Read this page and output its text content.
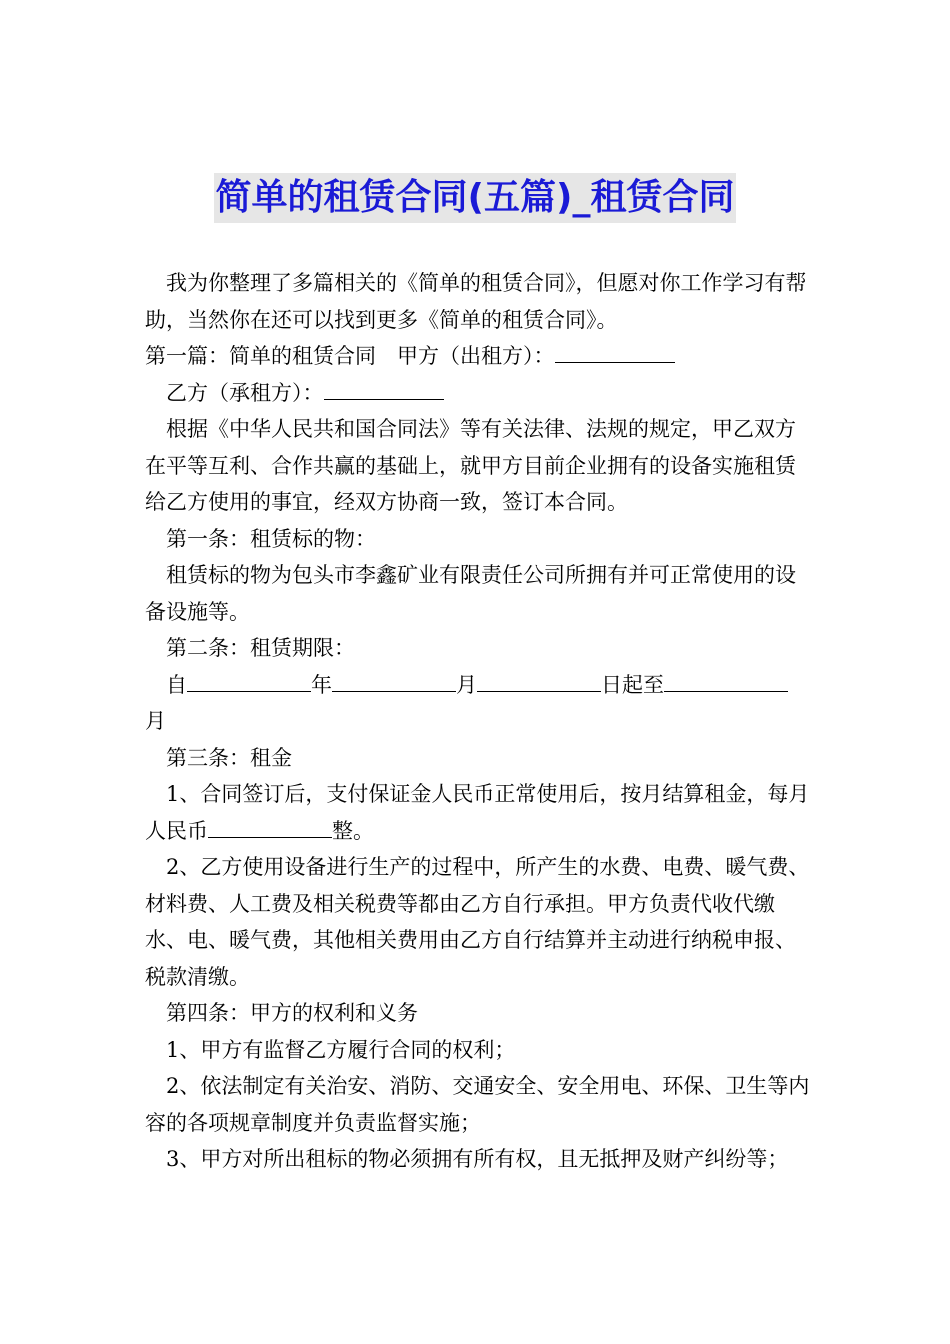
简单的租赁合同(五篇)_租赁合同

我为你整理了多篇相关的《简单的租赁合同》，但愿对你工作学习有帮助，当然你在还可以找到更多《简单的租赁合同》。

第一篇：简单的租赁合同　甲方（出租方）：

乙方（承租方）：

根据《中华人民共和国合同法》等有关法律、法规的规定，甲乙双方在平等互利、合作共赢的基础上，就甲方目前企业拥有的设备实施租赁给乙方使用的事宜，经双方协商一致，签订本合同。

第一条：租赁标的物：

租赁标的物为包头市李鑫矿业有限责任公司所拥有并可正常使用的设备设施等。

第二条：租赁期限：

自	年	月	日起至
月

第三条：租金

1、合同签订后，支付保证金人民币正常使用后，按月结算租金，每月人民币	整。

2、乙方使用设备进行生产的过程中，所产生的水费、电费、暖气费、材料费、人工费及相关税费等都由乙方自行承担。甲方负责代收代缴水、电、暖气费，其他相关费用由乙方自行结算并主动进行纳税申报、税款清缴。

第四条：甲方的权利和义务

1、甲方有监督乙方履行合同的权利；

2、依法制定有关治安、消防、交通安全、安全用电、环保、卫生等内容的各项规章制度并负责监督实施；

3、甲方对所出租标的物必须拥有所有权，且无抵押及财产纠纷等；
